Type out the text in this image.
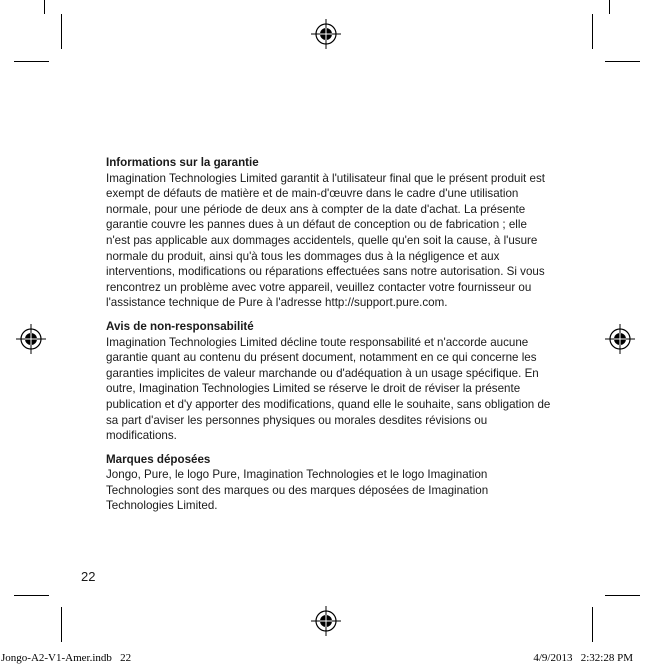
Informations sur la garantie

Imagination Technologies Limited garantit à l'utilisateur final que le présent produit est exempt de défauts de matière et de main-d'œuvre dans le cadre d'une utilisation normale, pour une période de deux ans à compter de la date d'achat. La présente garantie couvre les pannes dues à un défaut de conception ou de fabrication ; elle n'est pas applicable aux dommages accidentels, quelle qu'en soit la cause, à l'usure normale du produit, ainsi qu'à tous les dommages dus à la négligence et aux interventions, modifications ou réparations effectuées sans notre autorisation. Si vous rencontrez un problème avec votre appareil, veuillez contacter votre fournisseur ou l'assistance technique de Pure à l'adresse http://support.pure.com.

Avis de non-responsabilité

Imagination Technologies Limited décline toute responsabilité et n'accorde aucune garantie quant au contenu du présent document, notamment en ce qui concerne les garanties implicites de valeur marchande ou d'adéquation à un usage spécifique. En outre, Imagination Technologies Limited se réserve le droit de réviser la présente publication et d'y apporter des modifications, quand elle le souhaite, sans obligation de sa part d'aviser les personnes physiques ou morales desdites révisions ou modifications.

Marques déposées

Jongo, Pure, le logo Pure, Imagination Technologies et le logo Imagination Technologies sont des marques ou des marques déposées de Imagination Technologies Limited.

22
Jongo-A2-V1-Amer.indb   22	4/9/2013   2:32:28 PM
